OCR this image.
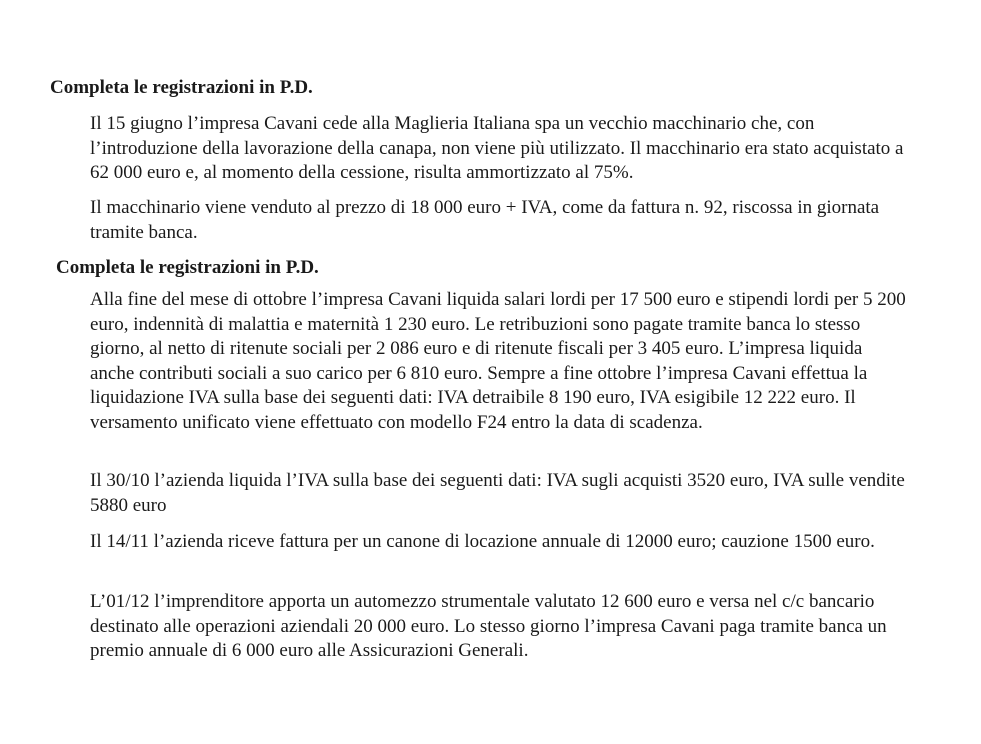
Completa le registrazioni in P.D.

Il 15 giugno l’impresa Cavani cede alla Maglieria Italiana spa un vecchio macchinario che, con l’introduzione della lavorazione della canapa, non viene più utilizzato. Il macchinario era stato acquistato a 62 000 euro e, al momento della cessione, risulta ammortizzato al 75%.

Il macchinario viene venduto al prezzo di 18 000 euro + IVA, come da fattura n. 92, riscossa in giornata tramite banca.

Completa le registrazioni in P.D.

Alla fine del mese di ottobre l’impresa Cavani liquida salari lordi per 17 500 euro e stipendi lordi per 5 200 euro, indennità di malattia e maternità 1 230 euro. Le retribuzioni sono pagate tramite banca lo stesso giorno, al netto di ritenute sociali per 2 086 euro e di ritenute fiscali per 3 405 euro. L’impresa liquida anche contributi sociali a suo carico per 6 810 euro. Sempre a fine ottobre l’impresa Cavani effettua la liquidazione IVA sulla base dei seguenti dati: IVA detraibile 8 190 euro, IVA esigibile 12 222 euro. Il versamento unificato viene effettuato con modello F24 entro la data di scadenza.

Il 30/10 l’azienda liquida l’IVA sulla base dei seguenti dati: IVA sugli acquisti 3520 euro, IVA sulle vendite 5880 euro

Il 14/11 l’azienda riceve fattura per un canone di locazione annuale di 12000 euro; cauzione 1500 euro.

L’01/12 l’imprenditore apporta un automezzo strumentale valutato 12 600 euro e versa nel c/c bancario destinato alle operazioni aziendali 20 000 euro. Lo stesso giorno l’impresa Cavani paga tramite banca un premio annuale di 6 000 euro alle Assicurazioni Generali.
